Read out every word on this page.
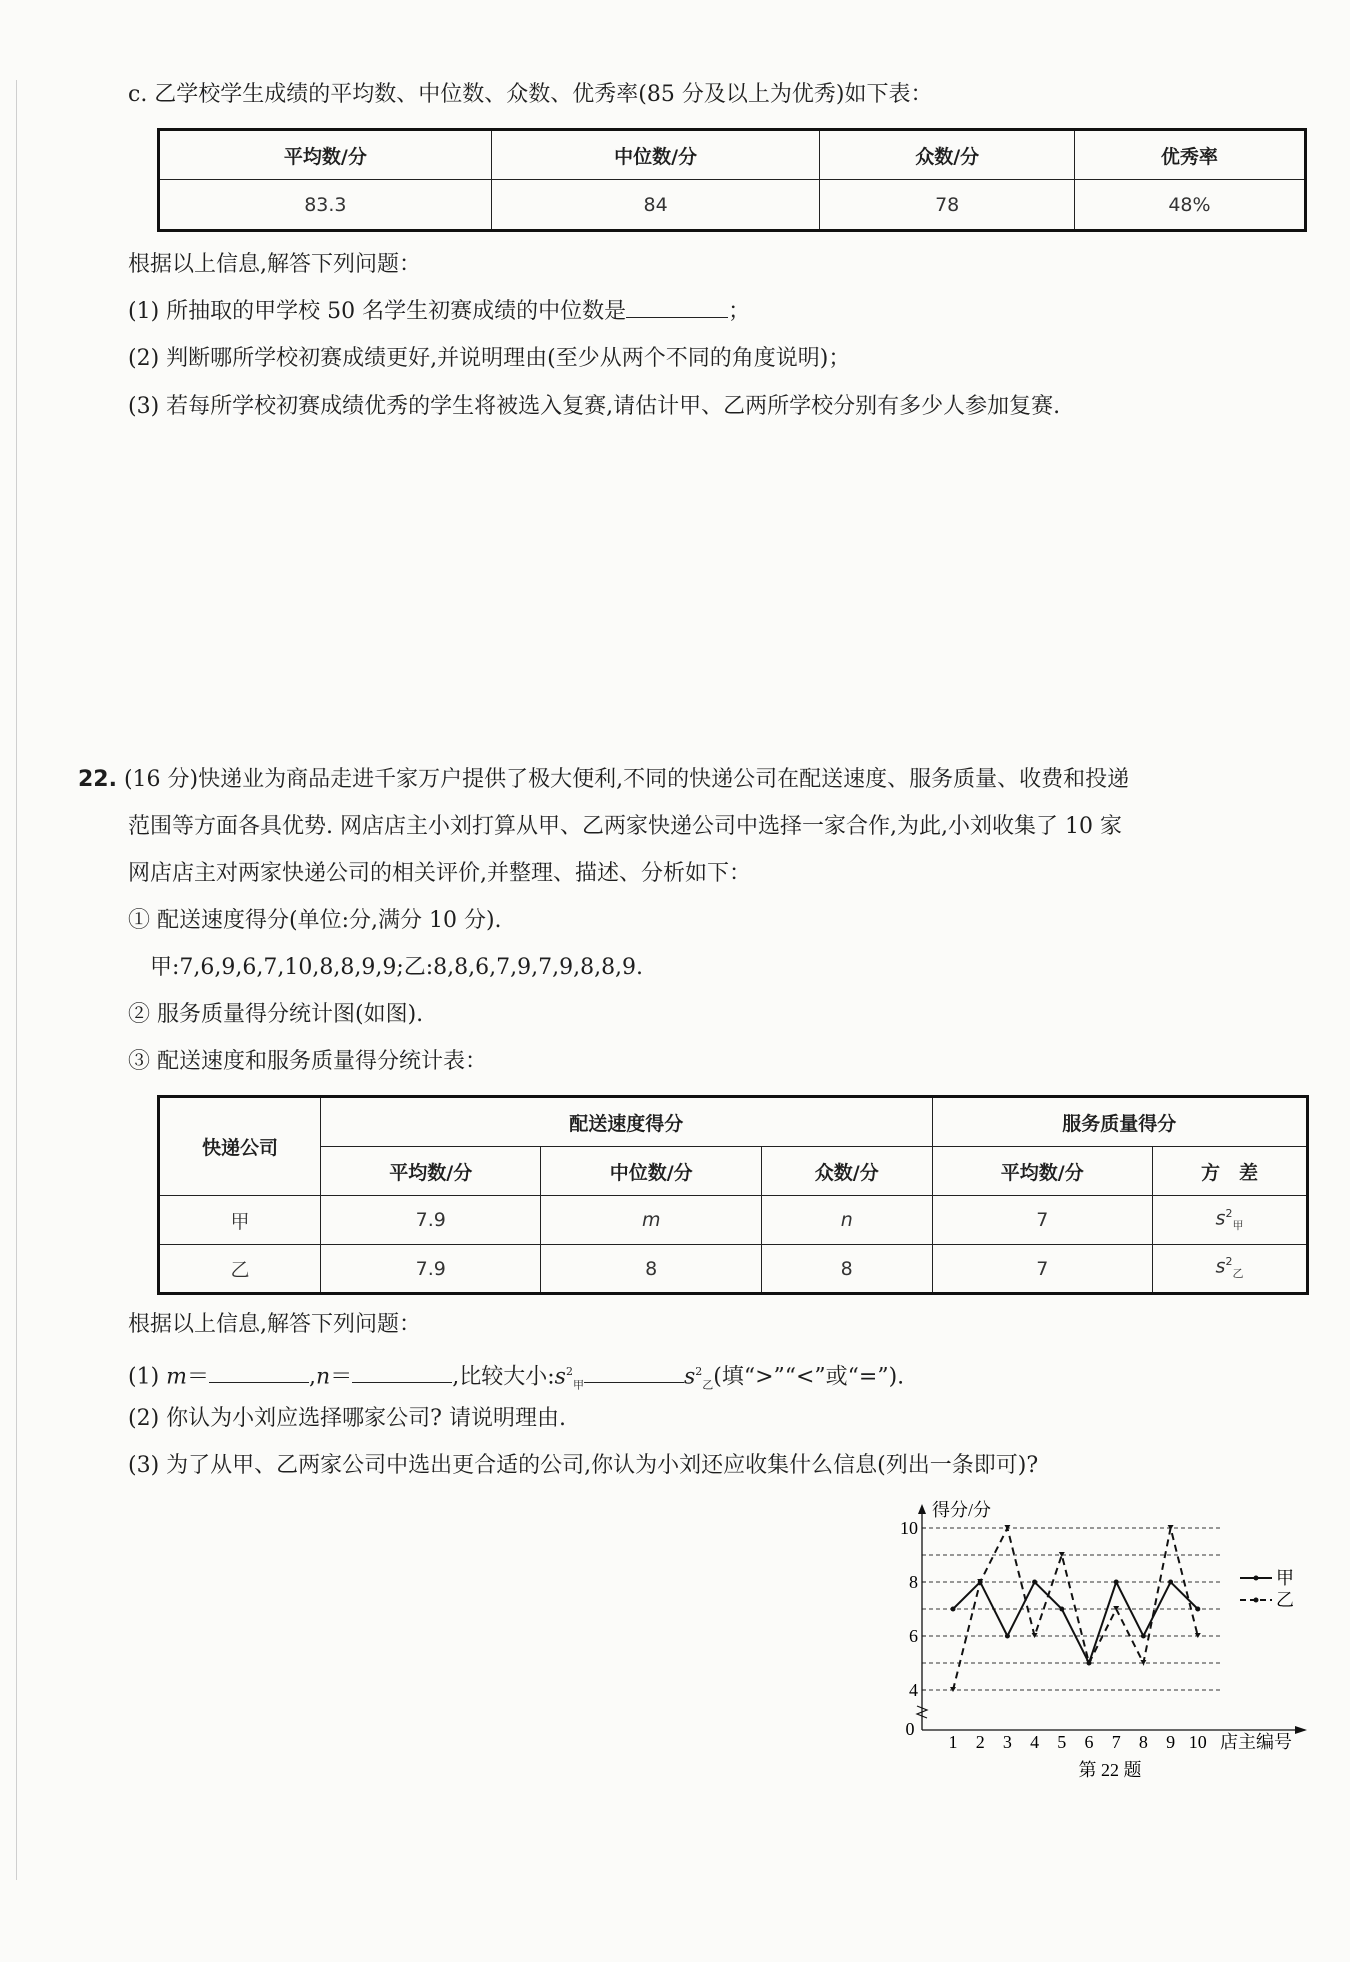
c. 乙学校学生成绩的平均数、中位数、众数、优秀率(85 分及以上为优秀)如下表：
平均数/分	中位数/分	众数/分	优秀率
83.3	84	78	48%
根据以上信息,解答下列问题：
(1) 所抽取的甲学校 50 名学生初赛成绩的中位数是	；
(2) 判断哪所学校初赛成绩更好,并说明理由(至少从两个不同的角度说明)；
(3) 若每所学校初赛成绩优秀的学生将被选入复赛,请估计甲、乙两所学校分别有多少人参加复赛.
22. (16 分)快递业为商品走进千家万户提供了极大便利,不同的快递公司在配送速度、服务质量、收费和投递
范围等方面各具优势. 网店店主小刘打算从甲、乙两家快递公司中选择一家合作,为此,小刘收集了 10 家
网店店主对两家快递公司的相关评价,并整理、描述、分析如下：
① 配送速度得分(单位:分,满分 10 分).
甲:7,6,9,6,7,10,8,8,9,9;乙:8,8,6,7,9,7,9,8,8,9.
② 服务质量得分统计图(如图).
③ 配送速度和服务质量得分统计表：
快递公司	配送速度得分			服务质量得分	
	平均数/分	中位数/分	众数/分	平均数/分	方　差
甲	7.9	m	n	7	$s^2_甲$
乙	7.9	8	8	7	$s^2_乙$
根据以上信息,解答下列问题：
(1) m＝	,n＝	,比较大小$:s^2_甲$	$s^2_乙$(填“>”“<”或“=”).
(2) 你认为小刘应选择哪家公司? 请说明理由.
(3) 为了从甲、乙两家公司中选出更合适的公司,你认为小刘还应收集什么信息(列出一条即可)?
4
6
8
10
0
1 2 3 4 5 6 7 8 9 10
得分/分
店主编号
第 22 题
甲
乙
